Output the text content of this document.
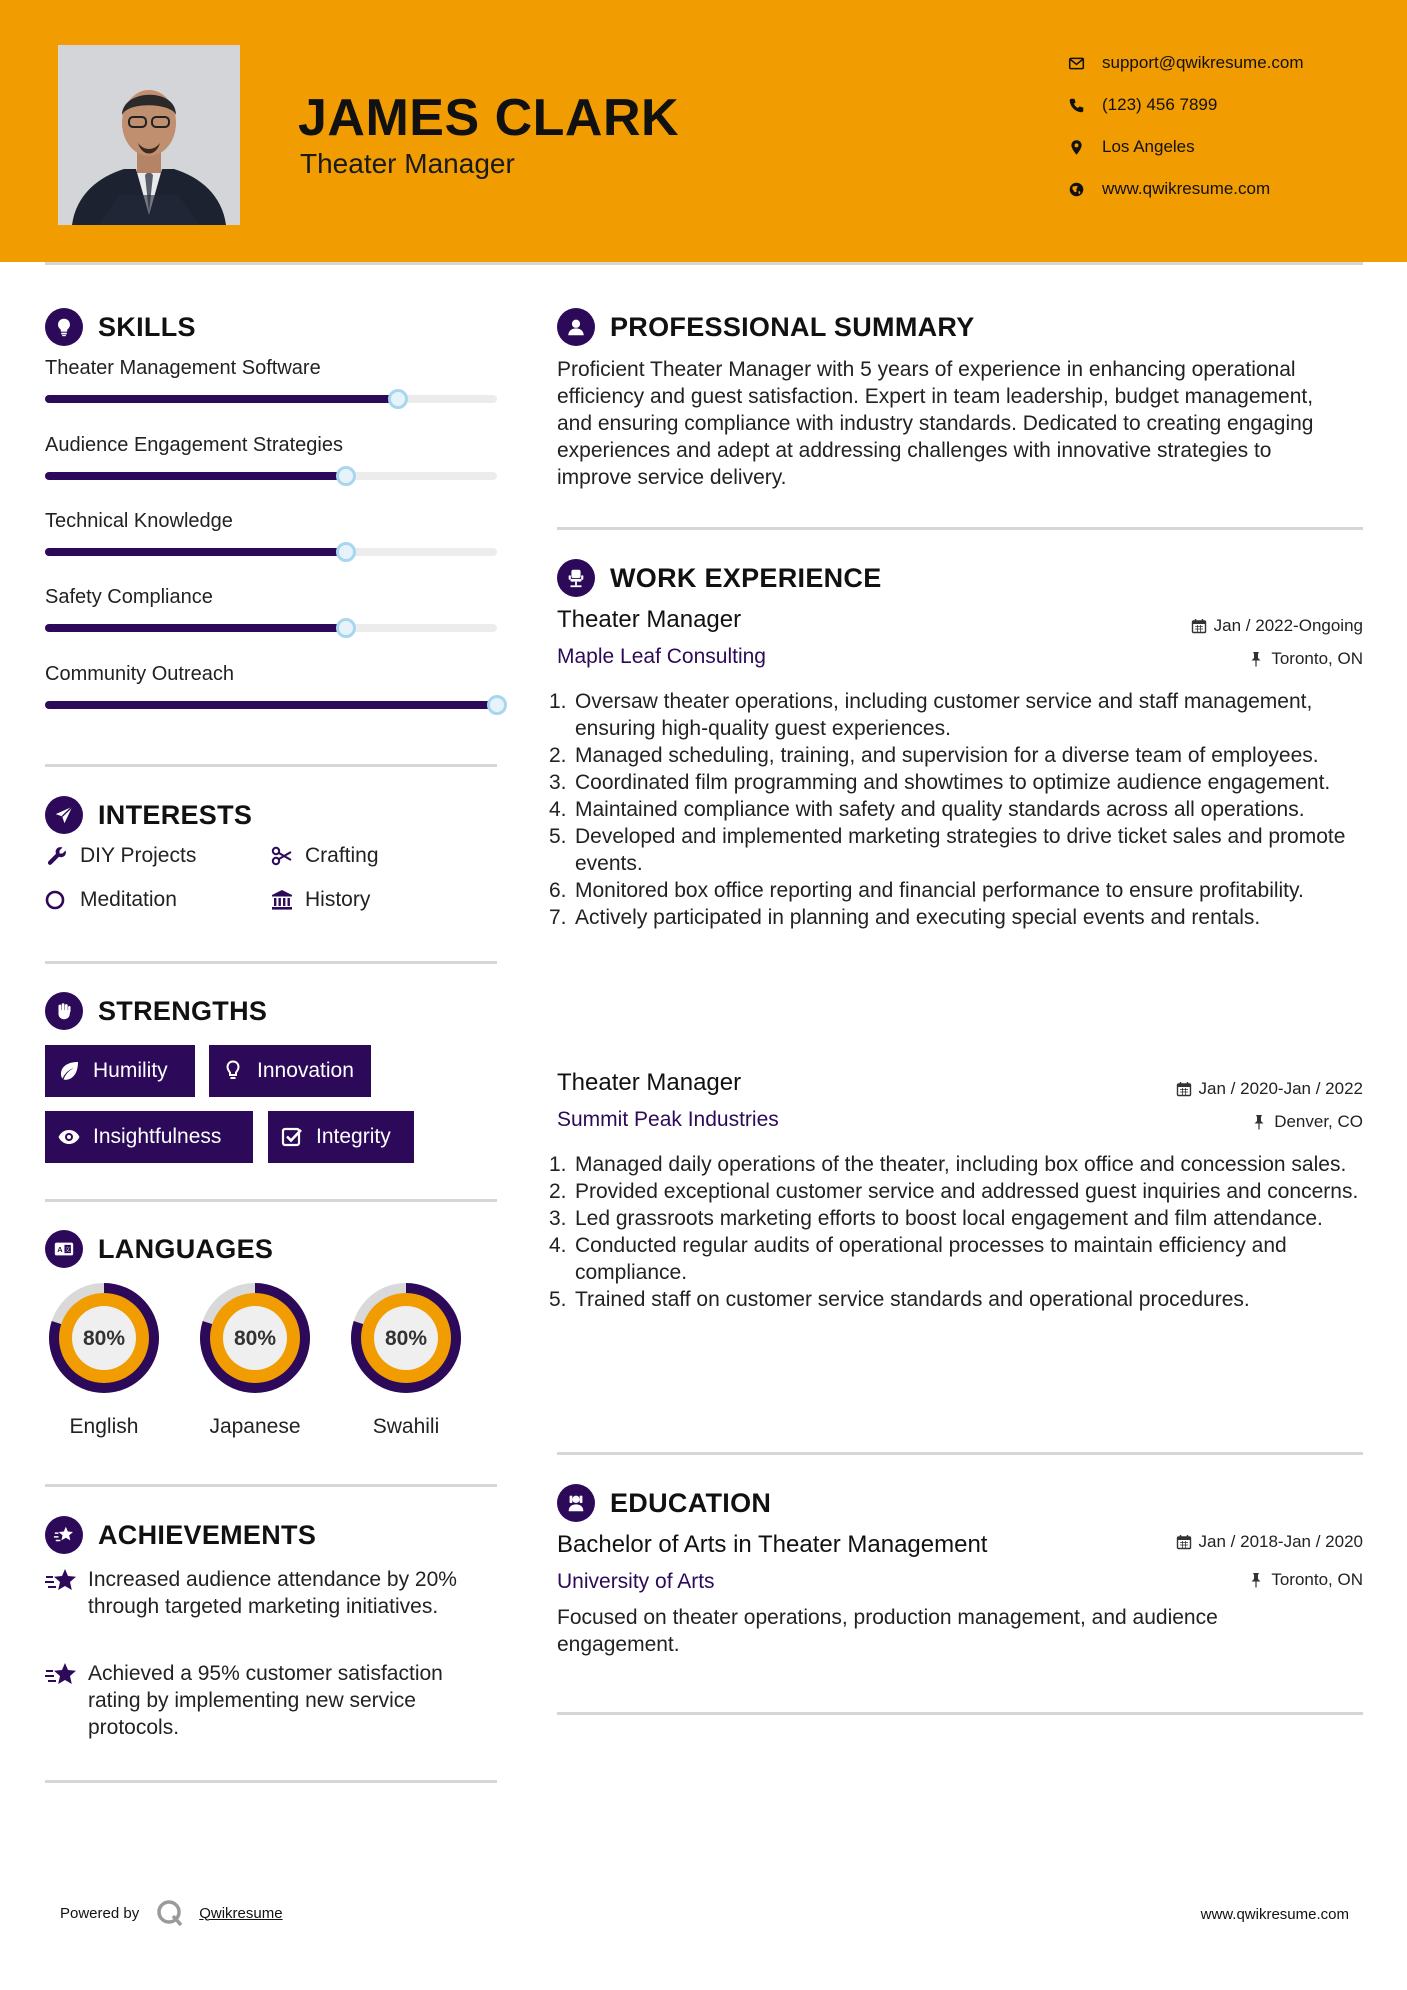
JAMES CLARK
Theater Manager
support@qwikresume.com
(123) 456 7899
Los Angeles
www.qwikresume.com
SKILLS
Theater Management Software
Audience Engagement Strategies
Technical Knowledge
Safety Compliance
Community Outreach
INTERESTS
DIY Projects	Crafting
Meditation	History
STRENGTHS
Humility	Innovation
Insightfulness	Integrity
A 文 LANGUAGES
80%
English
80%
Japanese
80%
Swahili
ACHIEVEMENTS
Increased audience attendance by 20% through targeted marketing initiatives.
Achieved a 95% customer satisfaction rating by implementing new service protocols.
PROFESSIONAL SUMMARY
Proficient Theater Manager with 5 years of experience in enhancing operational efficiency and guest satisfaction. Expert in team leadership, budget management, and ensuring compliance with industry standards. Dedicated to creating engaging experiences and adept at addressing challenges with innovative strategies to improve service delivery.
WORK EXPERIENCE
Theater Manager	Jan / 2022-Ongoing
Maple Leaf Consulting	Toronto, ON
1. Oversaw theater operations, including customer service and staff management, ensuring high-quality guest experiences.
2. Managed scheduling, training, and supervision for a diverse team of employees.
3. Coordinated film programming and showtimes to optimize audience engagement.
4. Maintained compliance with safety and quality standards across all operations.
5. Developed and implemented marketing strategies to drive ticket sales and promote events.
6. Monitored box office reporting and financial performance to ensure profitability.
7. Actively participated in planning and executing special events and rentals.
Theater Manager	Jan / 2020-Jan / 2022
Summit Peak Industries	Denver, CO
1. Managed daily operations of the theater, including box office and concession sales.
2. Provided exceptional customer service and addressed guest inquiries and concerns.
3. Led grassroots marketing efforts to boost local engagement and film attendance.
4. Conducted regular audits of operational processes to maintain efficiency and compliance.
5. Trained staff on customer service standards and operational procedures.
EDUCATION
Bachelor of Arts in Theater Management	Jan / 2018-Jan / 2020
University of Arts	Toronto, ON
Focused on theater operations, production management, and audience engagement.
Powered by	Qwikresume	www.qwikresume.com
